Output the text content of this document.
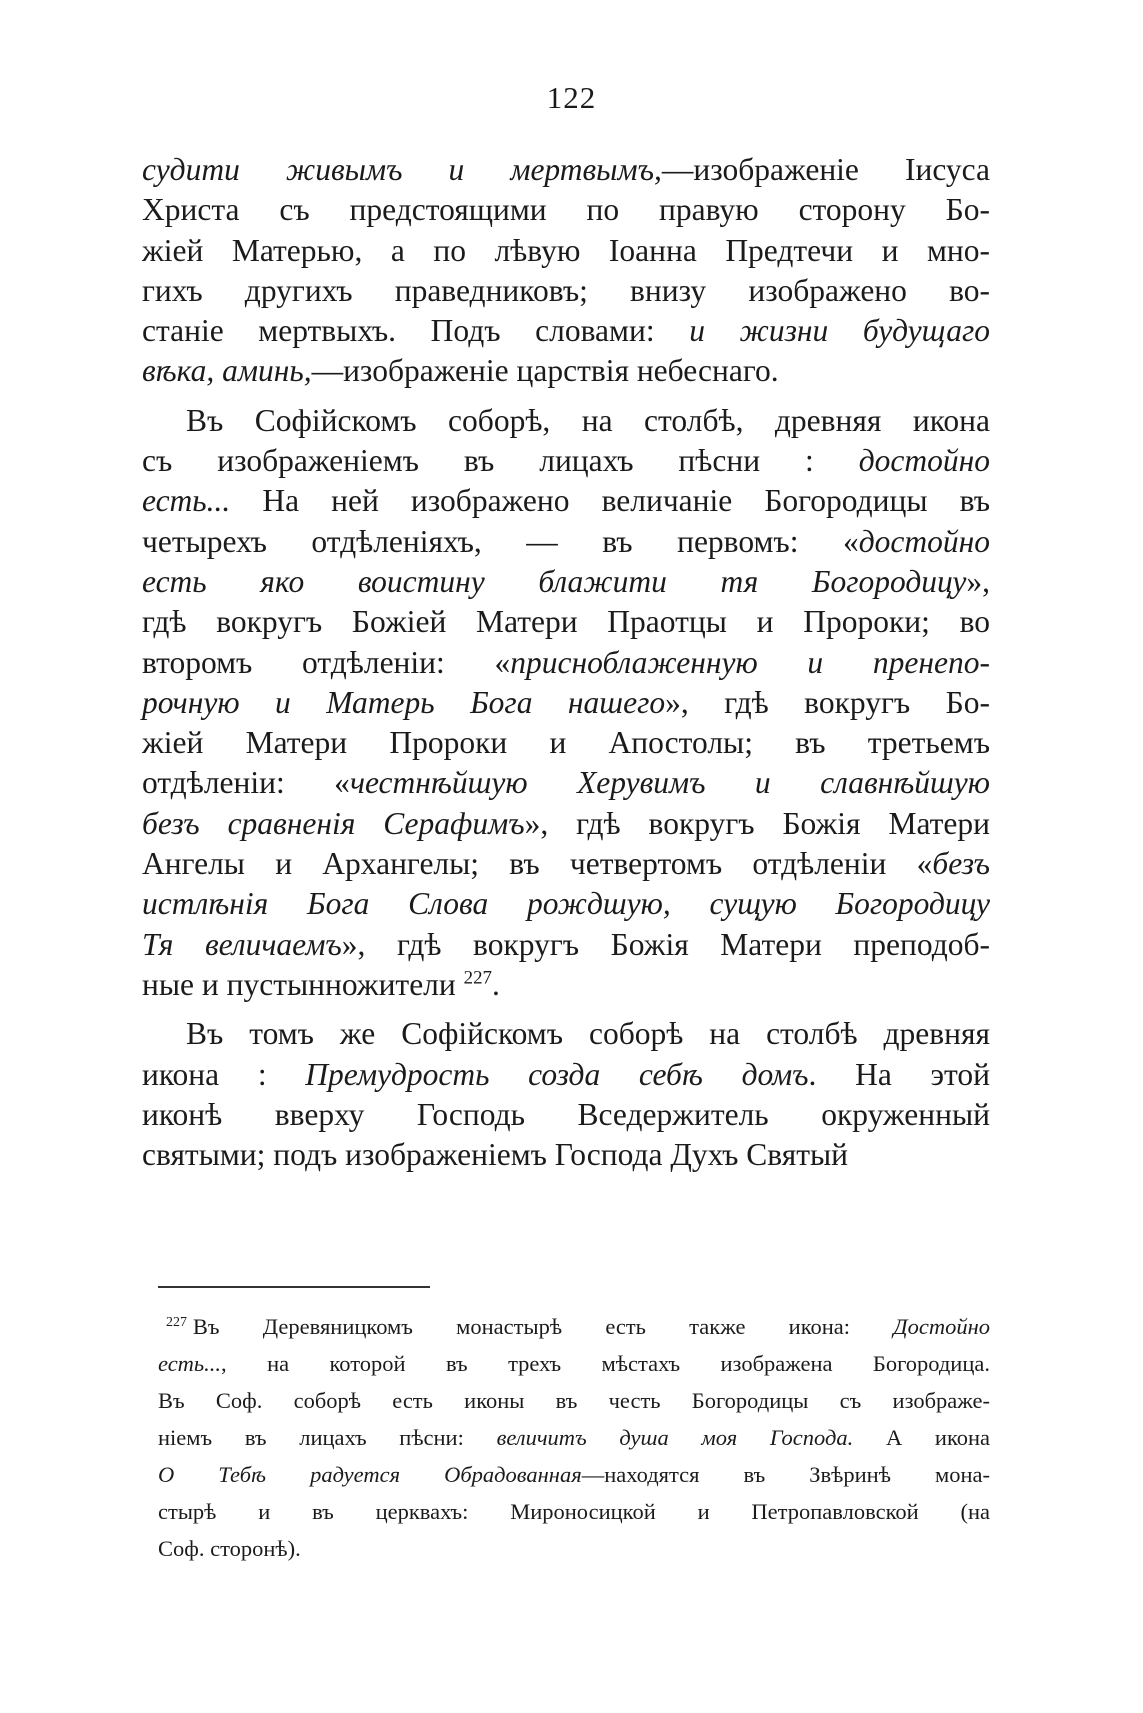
122
судити живымъ и мертвымъ,—изображеніе Іисуса
Христа съ предстоящими по правую сторону Бо-
жіей Матерью, а по лѣвую Іоанна Предтечи и мно-
гихъ другихъ праведниковъ; внизу изображено во-
станіе мертвыхъ. Подъ словами: и жизни будущаго
вѣка, аминь,—изображеніе царствія небеснаго.
Въ Софійскомъ соборѣ, на столбѣ, древняя икона
съ изображеніемъ въ лицахъ пѣсни : достойно
есть... На ней изображено величаніе Богородицы въ
четырехъ отдѣленіяхъ, — въ первомъ: «достойно
есть яко воистину блажити тя Богородицу»,
гдѣ вокругъ Божіей Матери Праотцы и Пророки; во
второмъ отдѣленіи: «присноблаженную и пренепо-
рочную и Матерь Бога нашего», гдѣ вокругъ Бо-
жіей Матери Пророки и Апостолы; въ третьемъ
отдѣленіи: «честнѣйшую Херувимъ и славнѣйшую
безъ сравненія Серафимъ», гдѣ вокругъ Божія Матери
Ангелы и Архангелы; въ четвертомъ отдѣленіи «безъ
истлѣнія Бога Слова рождшую, сущую Богородицу
Тя величаемъ», гдѣ вокругъ Божія Матери преподоб-
ные и пустынножители $^{227}$.
Въ томъ же Софійскомъ соборѣ на столбѣ древняя
икона : Премудрость созда себѣ домъ. На этой
иконѣ вверху Господь Вседержитель окруженный
святыми; подъ изображеніемъ Господа Духъ Святый
$^{227}$ Въ Деревяницкомъ монастырѣ есть также икона: Достойно
есть..., на которой въ трехъ мѣстахъ изображена Богородица.
Въ Соф. соборѣ есть иконы въ честь Богородицы съ изображе-
ніемъ въ лицахъ пѣсни: величитъ душа моя Господа. А икона
О Тебѣ радуется Обрадованная—находятся въ Звѣринѣ мона-
стырѣ и въ церквахъ: Мироносицкой и Петропавловской (на
Соф. сторонѣ).
